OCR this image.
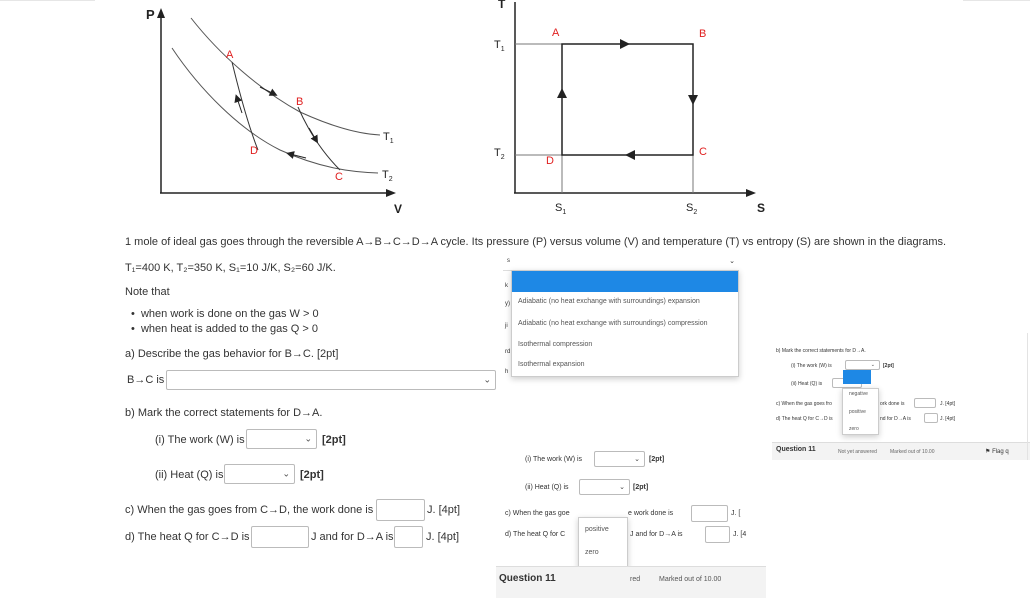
P
V
A
B
C
D
$T_1$
$T_2$
T
S
A	B
C
D
$T_1$
$T_2$
$S_1$	$S_2$
1 mole of ideal gas goes through the reversible A→B→C→D→A cycle. Its pressure (P) versus volume (V) and temperature (T) vs entropy (S) are shown in the diagrams.
T₁=400 K, T₂=350 K, S₁=10 J/K, S₂=60 J/K.
Note that
•  when work is done on the gas W > 0
•  when heat is added to the gas Q > 0
a) Describe the gas behavior for B→C. [2pt]
B→C is	⌄
b) Mark the correct statements for D→A.
(i) The work (W) is	⌄ [2pt]
(ii) Heat (Q) is	⌄ [2pt]
c) When the gas goes from C→D, the work done is	J. [4pt]
d) The heat Q for C→D is	J and for D→A is	J. [4pt]
s	⌄
k
y)
ji
rd
h
Adiabatic (no heat exchange with surroundings) expansion
Adiabatic (no heat exchange with surroundings) compression
Isothermal compression
Isothermal expansion
(i) The work (W) is	⌄ [2pt]
(ii) Heat (Q) is	⌄ [2pt]
c) When the gas goe	e work done is	J. [
d) The heat Q for C	J and for D→A is	J. [4
positive
zero
Question 11	red	Marked out of 10.00
b) Mark the correct statements for D→A.
(i) The work (W) is	⌄ [2pt]
(ii) Heat (Q) is
c) When the gas goes fro	ork done is	J. [4pt]
d) The heat Q for C→D is	nd for D→A is	J. [4pt]
negative
positive
zero
Question 11	Not yet answered	Marked out of 10.00	⚑ Flag q
